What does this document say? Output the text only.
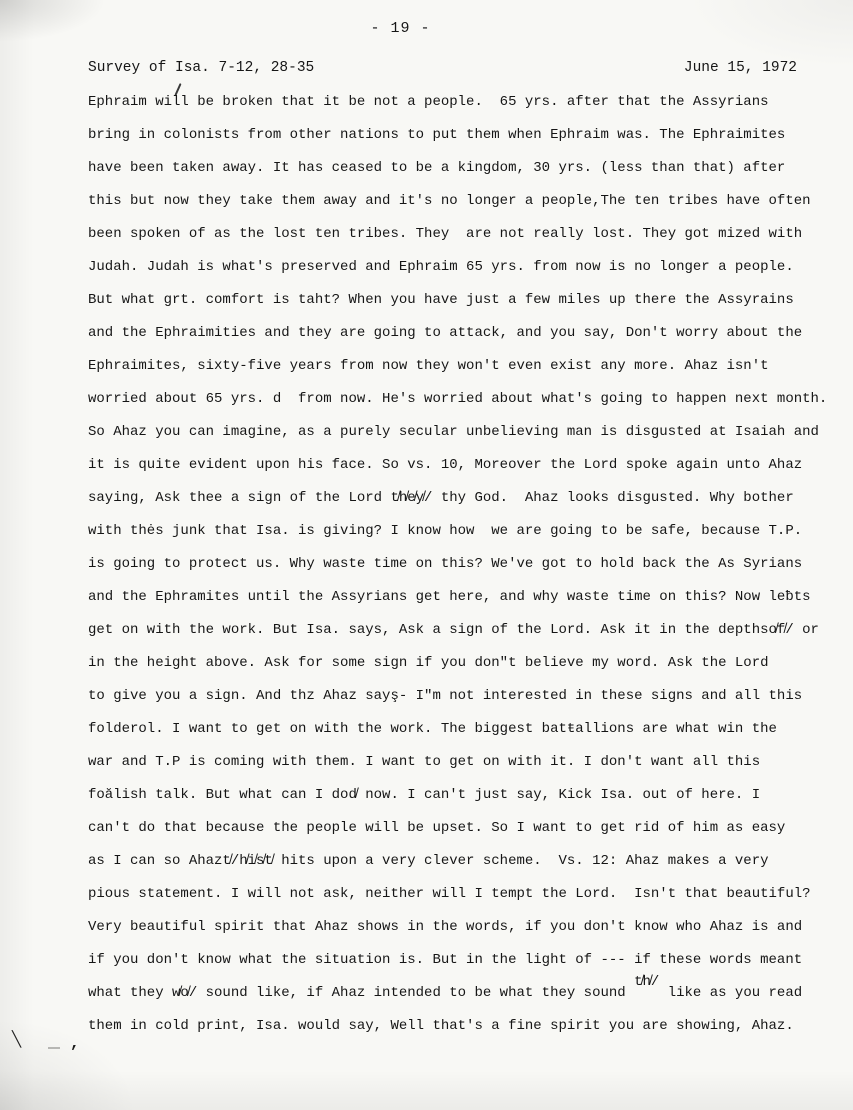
- 19 -
Survey of Isa. 7-12, 28-35	June 15, 1972
Ephraim will be broken that it be not a people.  65 yrs. after that the Assyrians
bring in colonists from other nations to put them when Ephraim was. The Ephraimites
have been taken away. It has ceased to be a kingdom, 30 yrs. (less than that) after
this but now they take them away and it's no longer a people,The ten tribes have often
been spoken of as the lost ten tribes. They  are not really lost. They got mized with
Judah. Judah is what's preserved and Ephraim 65 yrs. from now is no longer a people.
But what grt. comfort is taht? When you have just a few miles up there the Assyrains
and the Ephraimities and they are going to attack, and you say, Don't worry about the
Ephraimites, sixty-five years from now they won't even exist any more. Ahaz isn't
worried about 65 yrs. d  from now. He's worried about what's going to happen next month.
So Ahaz you can imagine, as a purely secular unbelieving man is disgusted at Isaiah and
it is quite evident upon his face. So vs. 10, Moreover the Lord spoke again unto Ahaz
saying, Ask thee a sign of the Lord t̸h̸e̸y̸/ thy God.  Ahaz looks disgusted. Why bother
with thės junk that Isa. is giving? I know how  we are going to be safe, because T.P.
is going to protect us. Why waste time on this? We've got to hold back the As Syrians
and the Ephramites until the Assyrians get here, and why waste time on this? Now leƀts
get on with the work. But Isa. says, Ask a sign of the Lord. Ask it in the depthso̸f̸/ or
in the height above. Ask for some sign if you don"t believe my word. Ask the Lord
to give you a sign. And thz Ahaz sayş- I"m not interested in these signs and all this
folderol. I want to get on with the work. The biggest batŧallions are what win the
war and T.P is coming with them. I want to get on with it. I don't want all this
foălish talk. But what can I dod̸ now. I can't just say, Kick Isa. out of here. I
can't do that because the people will be upset. So I want to get rid of him as easy
as I can so Ahazt̸/h̸i̸s̸t̸ hits upon a very clever scheme.  Vs. 12: Ahaz makes a very
pious statement. I will not ask, neither will I tempt the Lord.  Isn't that beautiful?
Very beautiful spirit that Ahaz shows in the words, if you don't know who Ahaz is and
if you don't know what the situation is. But in the light of --- if these words meant
what they w̸o̸/ sound like, if Ahaz intended to be what they sound t̸h̸/ like as you read
them in cold print, Isa. would say, Well that's a fine spirit you are showing, Ahaz.
╲	,
